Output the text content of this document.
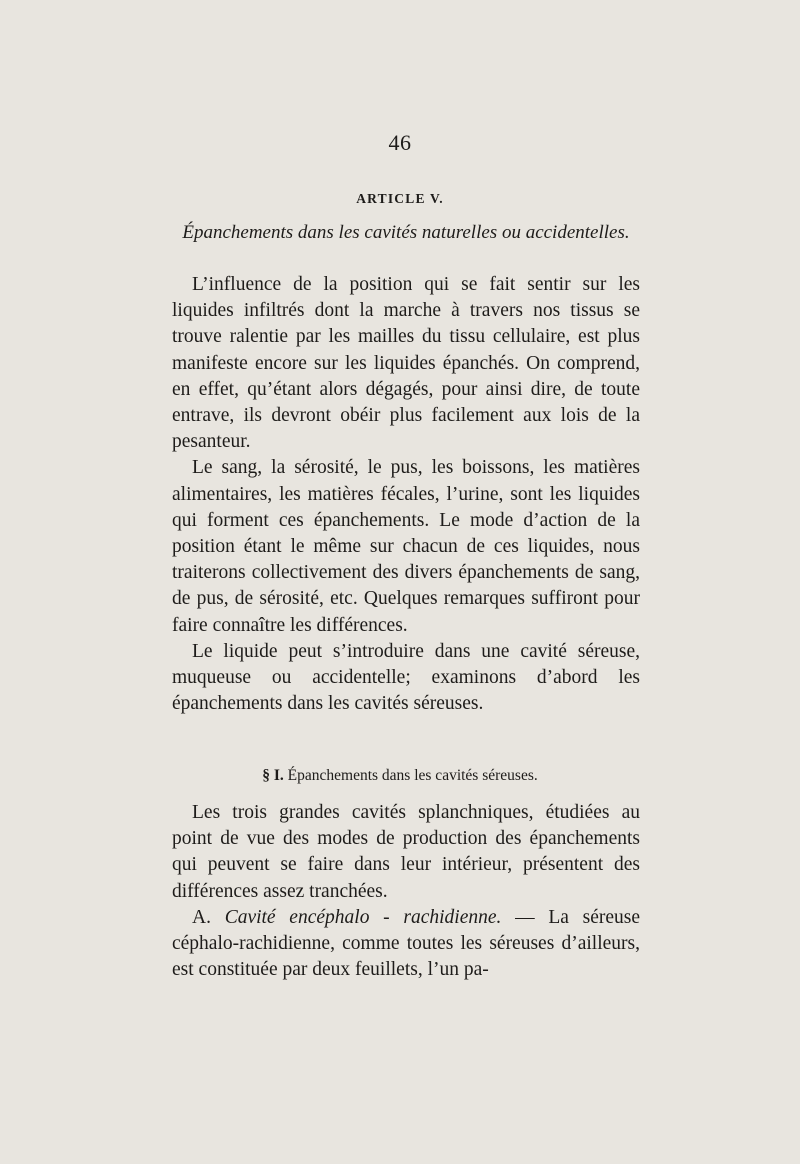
46
ARTICLE V.
Épanchements dans les cavités naturelles ou accidentelles.

L’influence de la position qui se fait sentir sur les liquides infiltrés dont la marche à travers nos tissus se trouve ralentie par les mailles du tissu cellulaire, est plus manifeste encore sur les liquides épanchés. On comprend, en effet, qu’étant alors dégagés, pour ainsi dire, de toute entrave, ils devront obéir plus facilement aux lois de la pesanteur.

Le sang, la sérosité, le pus, les boissons, les matières alimentaires, les matières fécales, l’urine, sont les liquides qui forment ces épanchements. Le mode d’action de la position étant le même sur chacun de ces liquides, nous traiterons collectivement des divers épanchements de sang, de pus, de sérosité, etc. Quelques remarques suffiront pour faire connaître les différences.

Le liquide peut s’introduire dans une cavité séreuse, muqueuse ou accidentelle; examinons d’abord les épanchements dans les cavités séreuses.

§ I. Épanchements dans les cavités séreuses.

Les trois grandes cavités splanchniques, étudiées au point de vue des modes de production des épanchements qui peuvent se faire dans leur intérieur, présentent des différences assez tranchées.

A. Cavité encéphalo - rachidienne. — La séreuse céphalo-rachidienne, comme toutes les séreuses d’ailleurs, est constituée par deux feuillets, l’un pa-
